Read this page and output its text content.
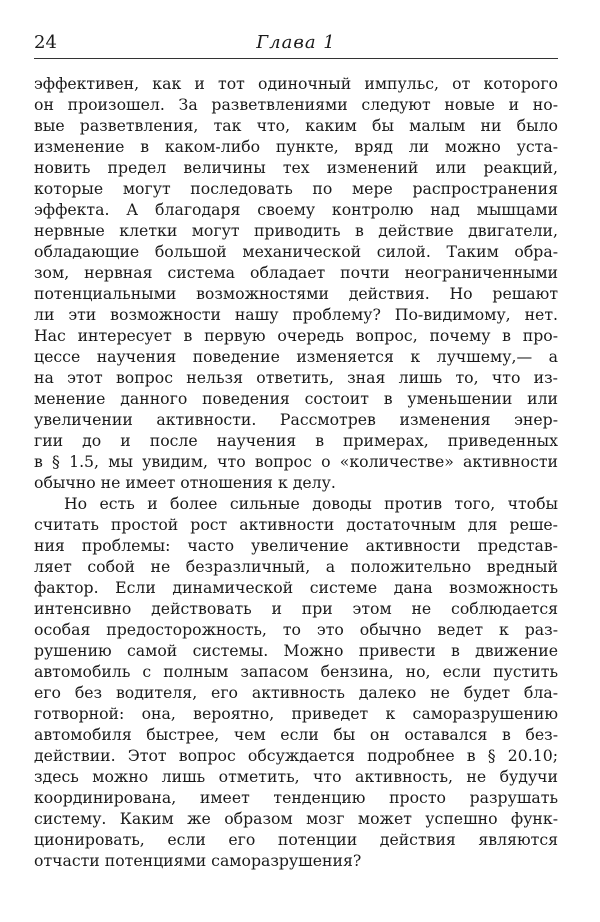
24	Глава 1
эффективен, как и тот одиночный импульс, от которого
он произошел. За разветвлениями следуют новые и но-
вые разветвления, так что, каким бы малым ни было
изменение в каком-либо пункте, вряд ли можно уста-
новить предел величины тех изменений или реакций,
которые могут последовать по мере распространения
эффекта. А благодаря своему контролю над мышцами
нервные клетки могут приводить в действие двигатели,
обладающие большой механической силой. Таким обра-
зом, нервная система обладает почти неограниченными
потенциальными возможностями действия. Но решают
ли эти возможности нашу проблему? По-видимому, нет.
Нас интересует в первую очередь вопрос, почему в про-
цессе научения поведение изменяется к лучшему,— а
на этот вопрос нельзя ответить, зная лишь то, что из-
менение данного поведения состоит в уменьшении или
увеличении активности. Рассмотрев изменения энер-
гии до и после научения в примерах, приведенных
в § 1.5, мы увидим, что вопрос о «количестве» активности
обычно не имеет отношения к делу.
Но есть и более сильные доводы против того, чтобы
считать простой рост активности достаточным для реше-
ния проблемы: часто увеличение активности представ-
ляет собой не безразличный, а положительно вредный
фактор. Если динамической системе дана возможность
интенсивно действовать и при этом не соблюдается
особая предосторожность, то это обычно ведет к раз-
рушению самой системы. Можно привести в движение
автомобиль с полным запасом бензина, но, если пустить
его без водителя, его активность далеко не будет бла-
готворной: она, вероятно, приведет к саморазрушению
автомобиля быстрее, чем если бы он оставался в без-
действии. Этот вопрос обсуждается подробнее в § 20.10;
здесь можно лишь отметить, что активность, не будучи
координирована, имеет тенденцию просто разрушать
систему. Каким же образом мозг может успешно функ-
ционировать, если его потенции действия являются
отчасти потенциями саморазрушения?
